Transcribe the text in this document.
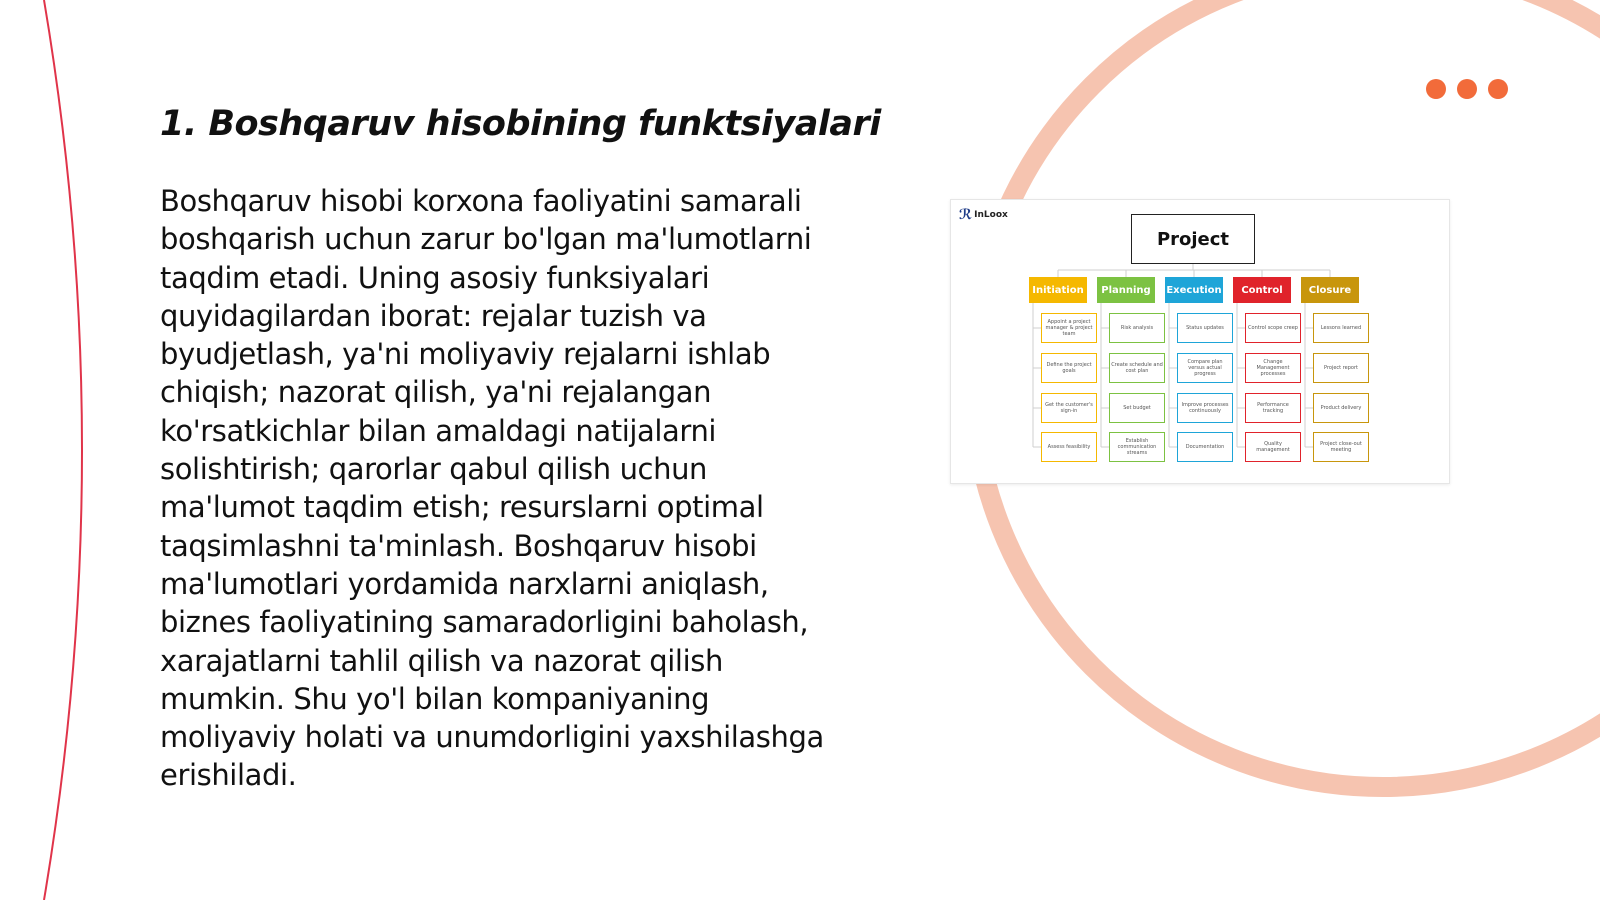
1. Boshqaruv hisobining funktsiyalari

Boshqaruv hisobi korxona faoliyatini samarali boshqarish uchun zarur bo'lgan ma'lumotlarni taqdim etadi. Uning asosiy funksiyalari quyidagilardan iborat: rejalar tuzish va byudjetlash, ya'ni moliyaviy rejalarni ishlab chiqish; nazorat qilish, ya'ni rejalangan ko'rsatkichlar bilan amaldagi natijalarni solishtirish; qarorlar qabul qilish uchun ma'lumot taqdim etish; resurslarni optimal taqsimlashni ta'minlash. Boshqaruv hisobi ma'lumotlari yordamida narxlarni aniqlash, biznes faoliyatining samaradorligini baholash, xarajatlarni tahlil qilish va nazorat qilish mumkin. Shu yo'l bilan kompaniyaning moliyaviy holati va unumdorligini yaxshilashga erishiladi.

ℛ InLoox
Project
Initiation
Appoint a project manager & project team
Define the project goals
Get the customer's sign-in
Assess feasibility
Planning
Risk analysis
Create schedule and cost plan
Set budget
Establish communication streams
Execution
Status updates
Compare plan versus actual progress
Improve processes continuously
Documentation
Control
Control scope creep
Change Management processes
Performance tracking
Quality management
Closure
Lessons learned
Project report
Product delivery
Project close-out meeting
